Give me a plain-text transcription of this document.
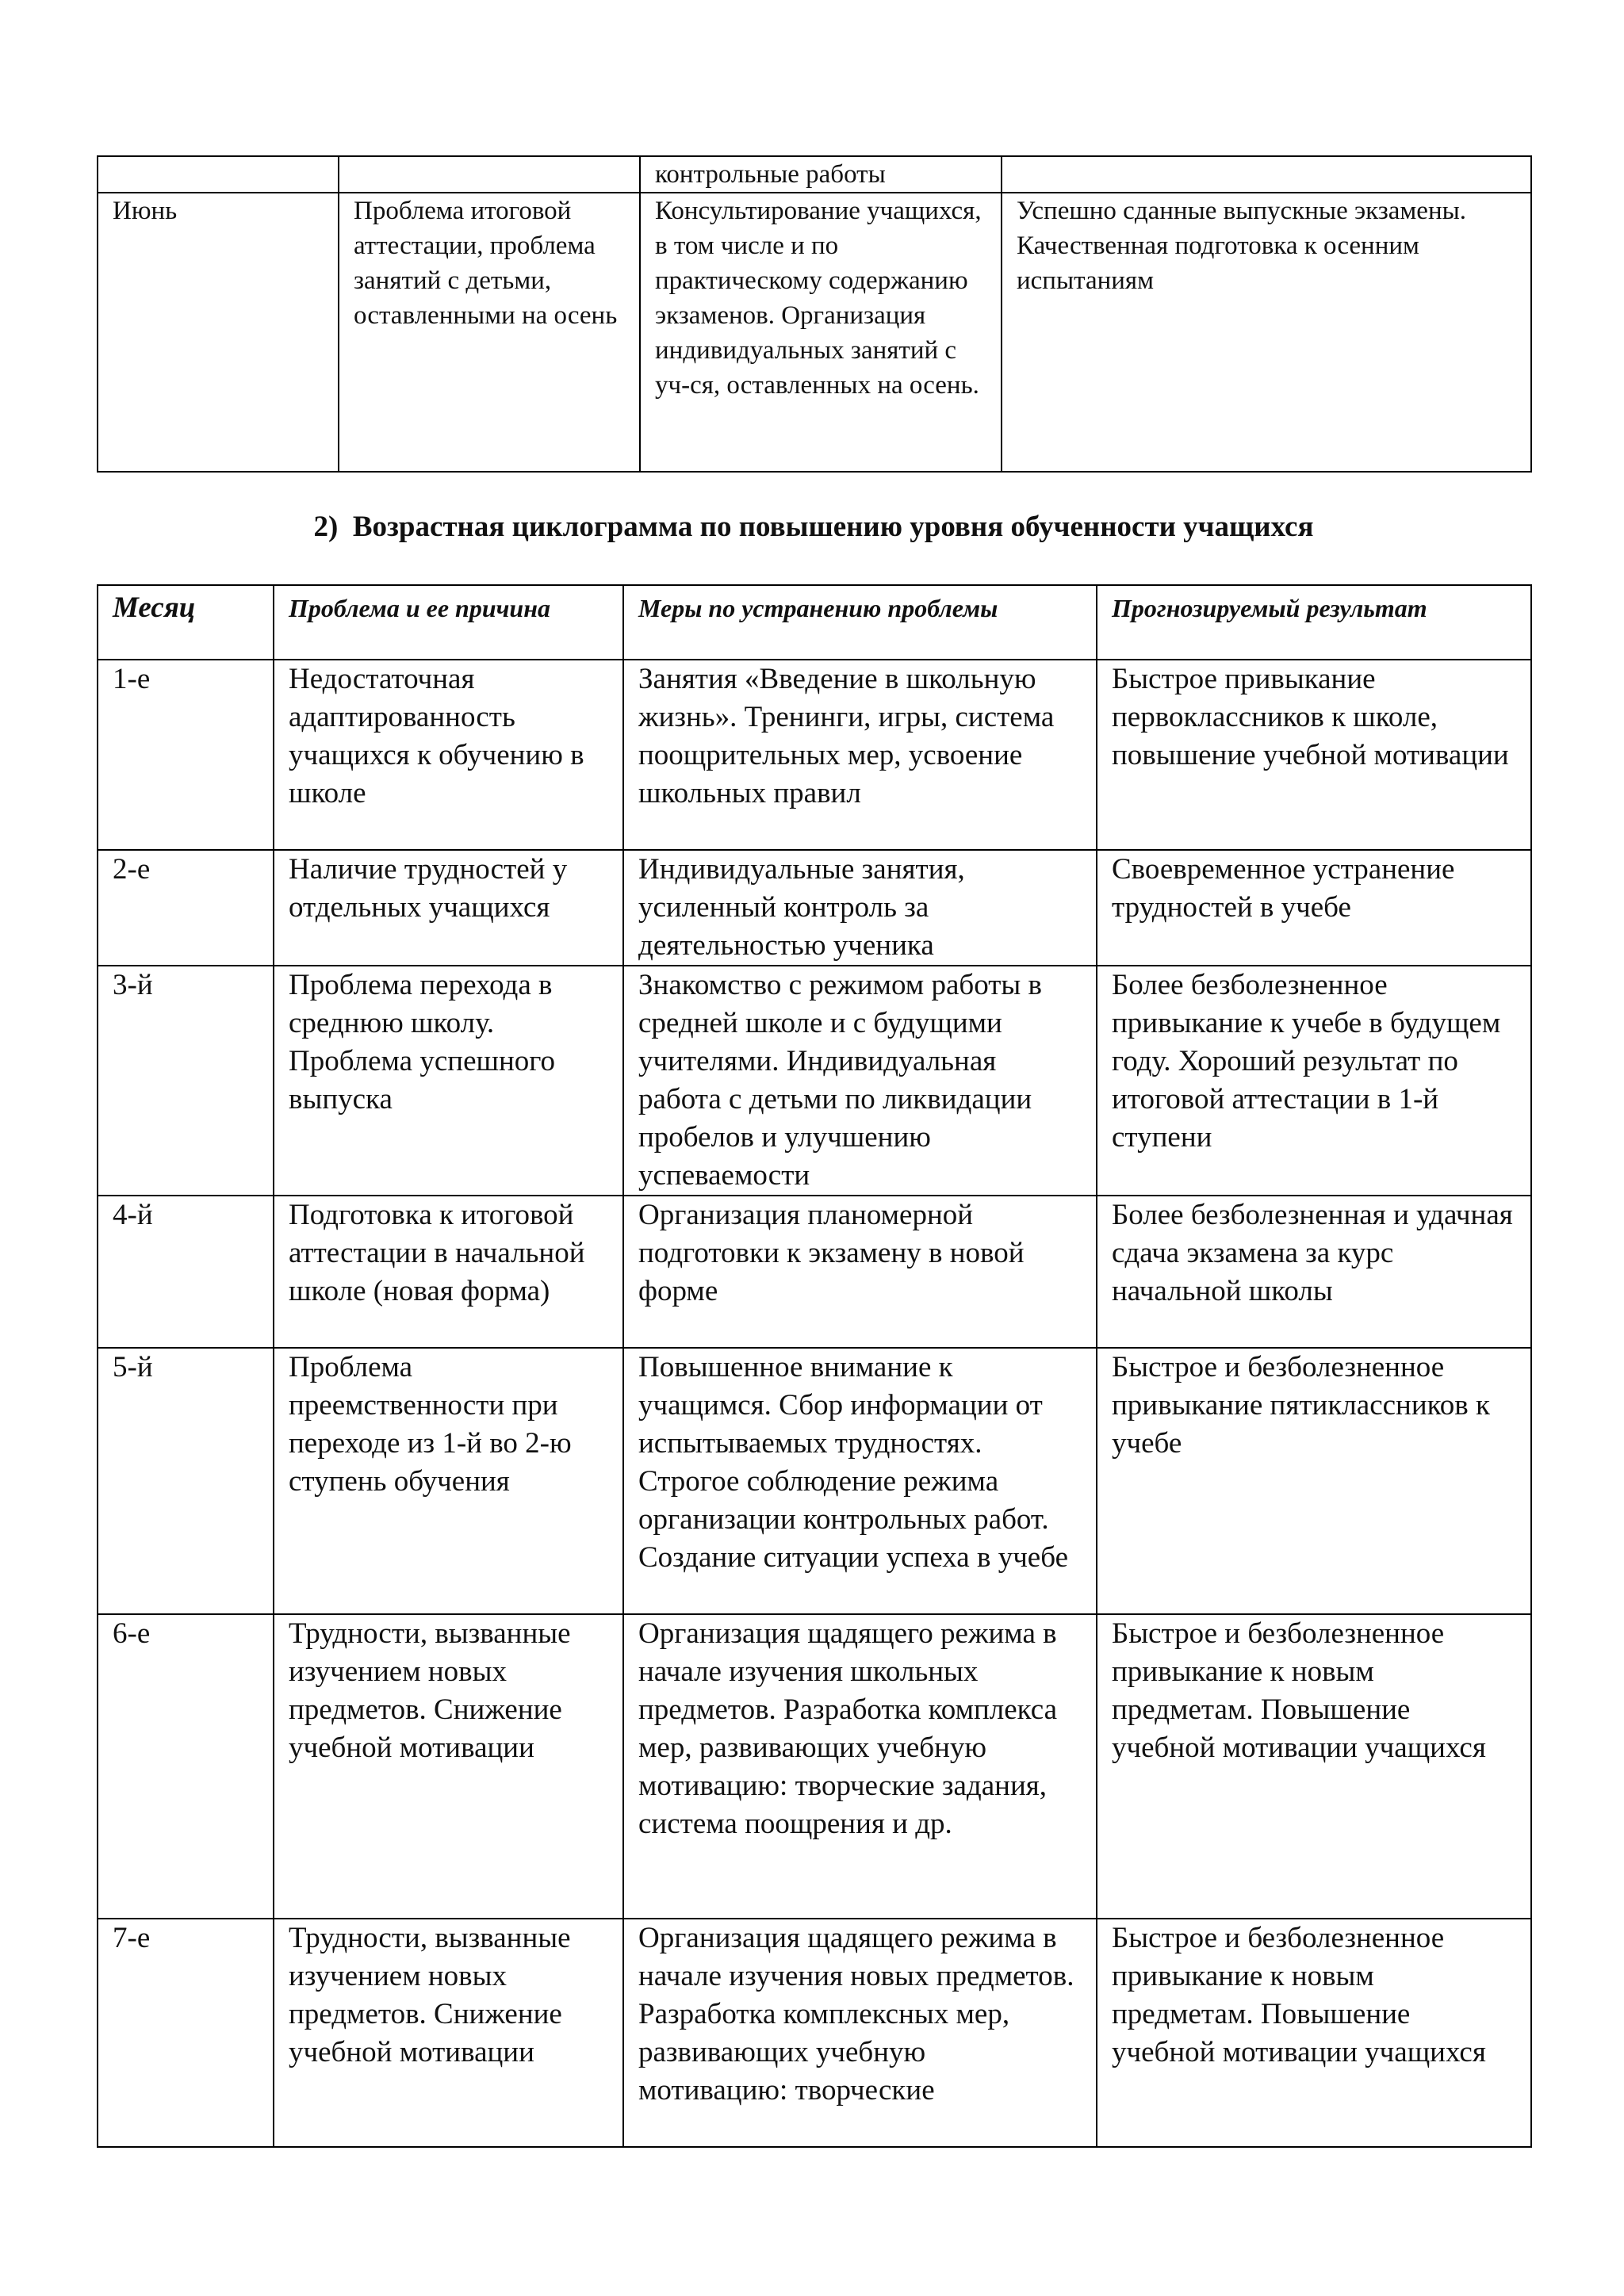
		контрольные работы	
Июнь	Проблема итоговой аттестации, проблема занятий с детьми, оставленными на осень	Консультирование учащихся, в том числе и по практическому содержанию экзаменов. Организация индивидуальных занятий с уч-ся, оставленных на осень.	Успешно сданные выпускные экзамены. Качественная подготовка к осенним испытаниям
2)  Возрастная циклограмма по повышению уровня обученности учащихся
Месяц	Проблема и ее причина	Меры по устранению проблемы	Прогнозируемый результат
1-е	Недостаточная адаптированность учащихся к обучению в школе	Занятия «Введение в школьную жизнь». Тренинги, игры, система поощрительных мер, усвоение школьных правил	Быстрое привыкание первоклассников к школе, повышение учебной мотивации
2-е	Наличие трудностей у отдельных учащихся	Индивидуальные занятия, усиленный контроль за деятельностью ученика	Своевременное устранение трудностей в учебе
3-й	Проблема перехода в среднюю школу. Проблема успешного выпуска	Знакомство с режимом работы в средней школе и с будущими учителями. Индивидуальная работа с детьми по ликвидации пробелов и улучшению успеваемости	Более безболезненное привыкание к учебе в будущем году. Хороший результат по итоговой аттестации в 1-й ступени
4-й	Подготовка к итоговой аттестации в начальной школе (новая форма)	Организация планомерной подготовки к экзамену в новой форме	Более безболезненная и удачная сдача экзамена за курс начальной школы
5-й	Проблема преемственности при переходе из 1-й во 2-ю ступень обучения	Повышенное внимание к учащимся. Сбор информации от испытываемых трудностях. Строгое соблюдение режима организации контрольных работ. Создание ситуации успеха в учебе	Быстрое и безболезненное привыкание пятиклассников к учебе
6-е	Трудности, вызванные изучением новых предметов. Снижение учебной мотивации	Организация щадящего режима в начале изучения школьных предметов. Разработка комплекса мер, развивающих учебную мотивацию: творческие задания, система поощрения и др.	Быстрое и безболезненное привыкание к новым предметам. Повышение учебной мотивации учащихся
7-е	Трудности, вызванные изучением новых предметов. Снижение учебной мотивации	Организация щадящего режима в начале изучения новых предметов. Разработка комплексных мер, развивающих учебную мотивацию: творческие	Быстрое и безболезненное привыкание к новым предметам. Повышение учебной мотивации учащихся
